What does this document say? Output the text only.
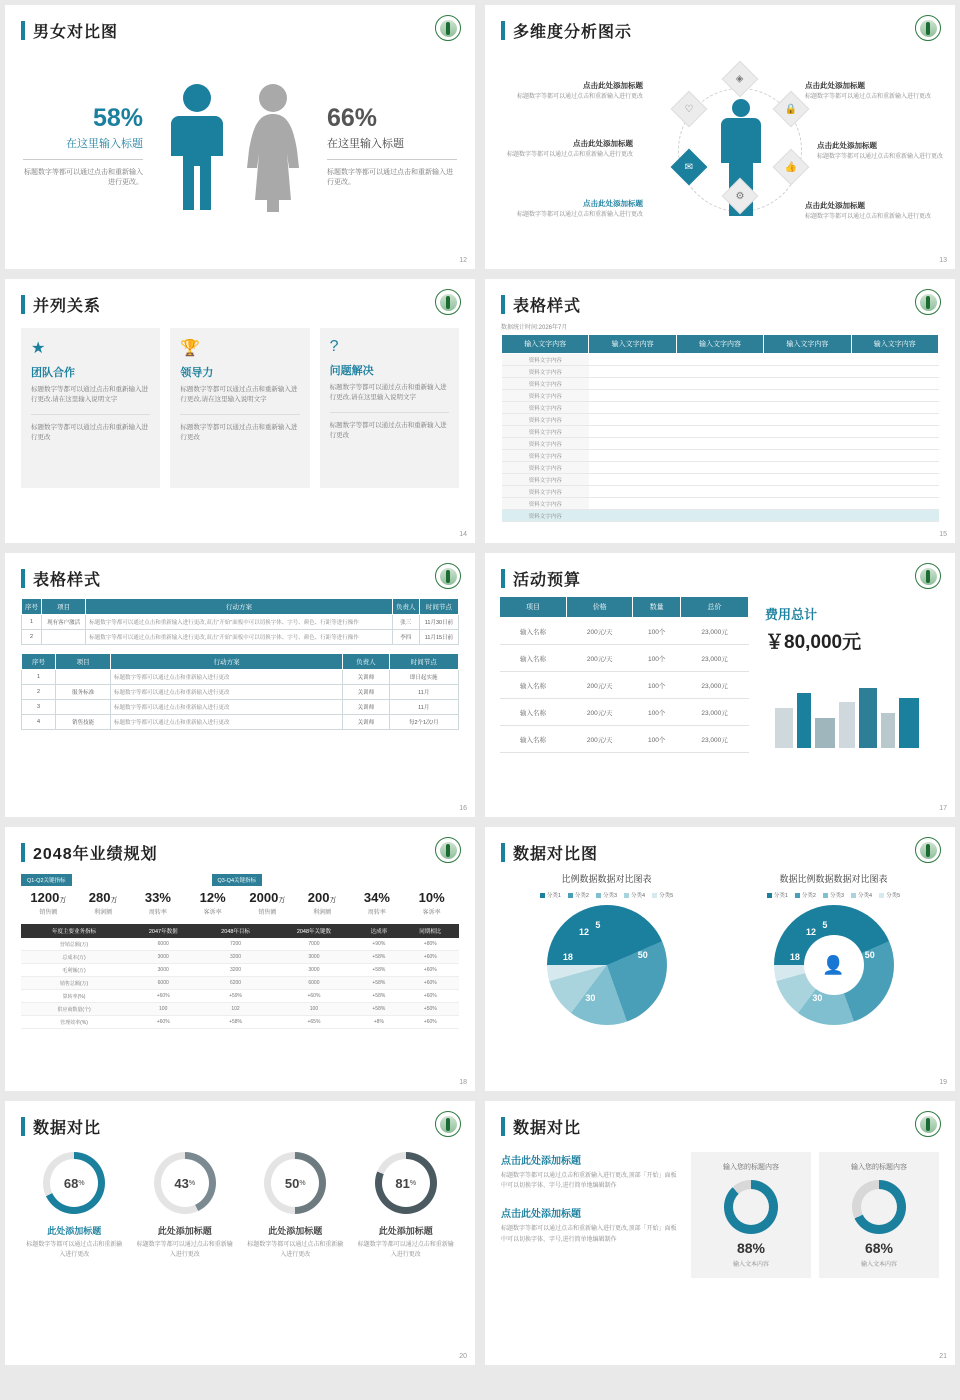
男女对比图
58%
在这里输入标题
标题数字等都可以通过点击和重新输入进行更改。
66%
在这里输入标题
标题数字等都可以通过点击和重新输入进行更改。
12
多维度分析图示
点击此处添加标题
标题数字等都可以通过点击和重新输入进行更改
点击此处添加标题
标题数字等都可以通过点击和重新输入进行更改
点击此处添加标题
标题数字等都可以通过点击和重新输入进行更改
点击此处添加标题
标题数字等都可以通过点击和重新输入进行更改
点击此处添加标题
标题数字等都可以通过点击和重新输入进行更改
点击此处添加标题
标题数字等都可以通过点击和重新输入进行更改
◈
🔒
👍
⚙
✉
♡
13
并列关系
★
团队合作
标题数字等都可以通过点击和重新输入进行更改,请在这里输入说明文字
标题数字等都可以通过点击和重新输入进行更改
🏆
领导力
标题数字等都可以通过点击和重新输入进行更改,请在这里输入说明文字
标题数字等都可以通过点击和重新输入进行更改
?
问题解决
标题数字等都可以通过点击和重新输入进行更改,请在这里输入说明文字
标题数字等都可以通过点击和重新输入进行更改
14
表格样式
数据统计时间:2026年7月
输入文字内容	输入文字内容	输入文字内容	输入文字内容	输入文字内容
资料文字内容				
资料文字内容				
资料文字内容				
资料文字内容				
资料文字内容				
资料文字内容				
资料文字内容				
资料文字内容				
资料文字内容				
资料文字内容				
资料文字内容				
资料文字内容				
资料文字内容				
资料文字内容				
15
表格样式
序号	项目	行动方案	负责人	时间节点
1	现有客户激活	标题数字等都可以通过点击和重新输入进行更改,双击"开始"面板中可以切换字体、字号、颜色、行距等进行操作	张三	11月30日前
2		标题数字等都可以通过点击和重新输入进行更改,双击"开始"面板中可以切换字体、字号、颜色、行距等进行操作	李四	11月15日前
序号	项目	行动方案	负责人	时间节点
1		标题数字等都可以通过点击和重新输入进行更改	关训师	即日起实施
2	服务标准	标题数字等都可以通过点击和重新输入进行更改	关训师	11月
3		标题数字等都可以通过点击和重新输入进行更改	关训师	11月
4	销售技能	标题数字等都可以通过点击和重新输入进行更改	关训师	每2个1次/月
16
活动预算
项目	价格	数量	总价
输入名称	200元/天	100个	23,000元
输入名称	200元/天	100个	23,000元
输入名称	200元/天	100个	23,000元
输入名称	200元/天	100个	23,000元
输入名称	200元/天	100个	23,000元
费用总计
￥80,000元
17
2048年业绩规划
Q1-Q2关键指标	Q3-Q4关键指标
1200万
销售额
280万
利润额
33%
周转率
12%
客诉率
2000万
销售额
200万
利润额
34%
周转率
10%
客诉率
年度主要业务指标	2047年数据	2048年目标	2048年关键数	达成率	同期相比
营销总额(万)	6000	7200	7000	+90%	+80%
总成本(万)	3000	3200	3000	+58%	+60%
毛利额(万)	3000	3200	3000	+58%	+60%
销售总额(万)	6000	6200	6000	+58%	+60%
算转率(%)	+60%	+59%	+60%	+58%	+60%
供应商数量(个)	100	102	100	+58%	+50%
管理效率(%)	+60%	+58%	+65%	+8%	+60%
18
数据对比图
比例数据数据对比图表
分类1	分类2	分类3	分类4	分类5
50
30
18
12
5
数据比例数据数据对比图表
分类1	分类2	分类3	分类4	分类5
👤	50
30
18
12
5
19
数据对比
68 %
此处添加标题
标题数字等都可以通过点击和重新输入进行更改
43 %
此处添加标题
标题数字等都可以通过点击和重新输入进行更改
50 %
此处添加标题
标题数字等都可以通过点击和重新输入进行更改
81 %
此处添加标题
标题数字等都可以通过点击和重新输入进行更改
20
数据对比
点击此处添加标题

标题数字等都可以通过点击和重新输入进行更改,顶部「开始」面板中可以切换字体、字号,进行简单地编辑制作

点击此处添加标题

标题数字等都可以通过点击和重新输入进行更改,顶部「开始」面板中可以切换字体、字号,进行简单地编辑制作

输入您的标题内容
88%
输入文本内容
输入您的标题内容
68%
输入文本内容
21
